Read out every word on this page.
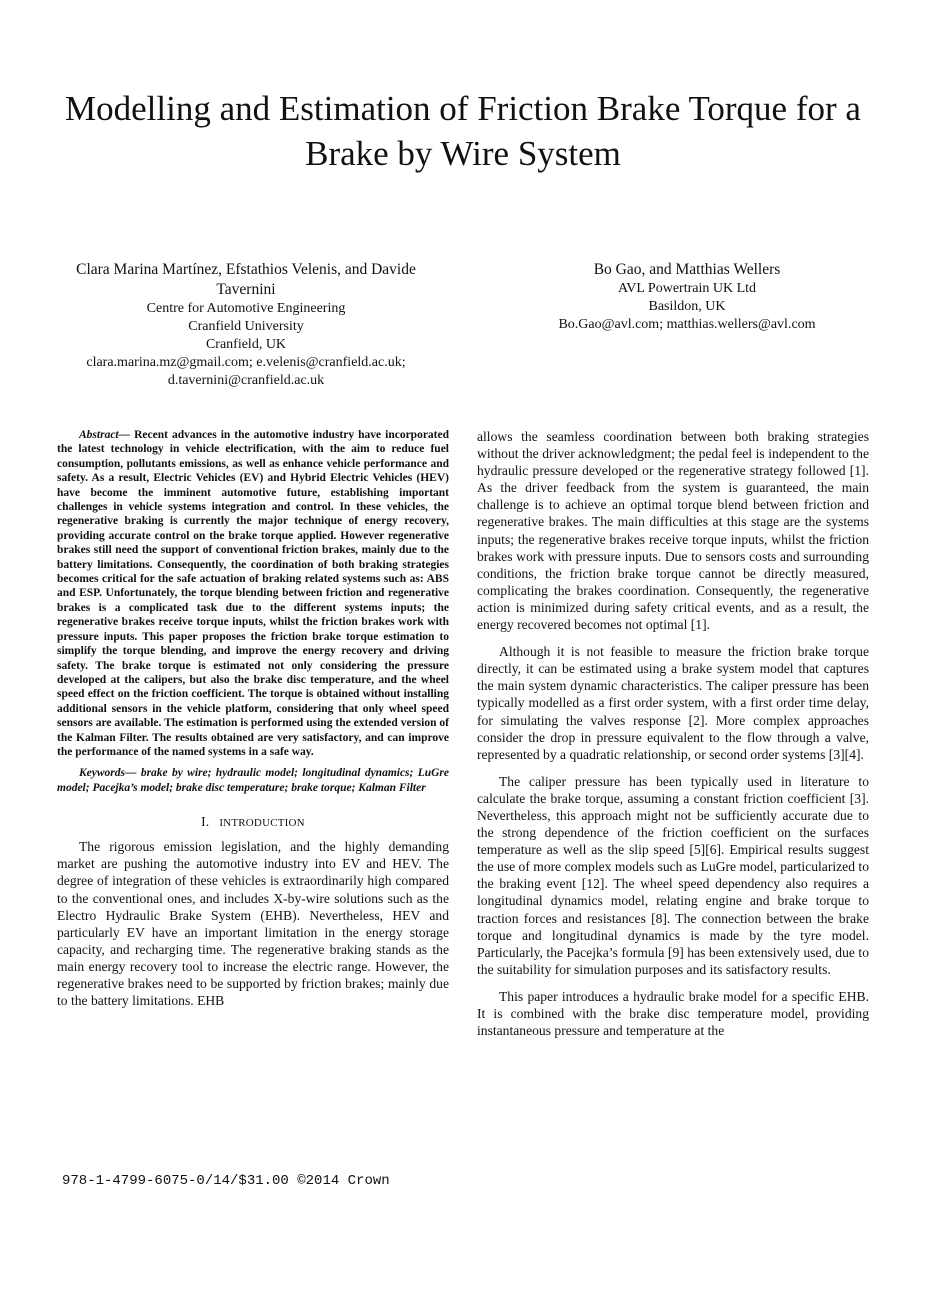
Modelling and Estimation of Friction Brake Torque for a Brake by Wire System
Clara Marina Martínez, Efstathios Velenis, and Davide Tavernini
Centre for Automotive Engineering
Cranfield University
Cranfield, UK
clara.marina.mz@gmail.com; e.velenis@cranfield.ac.uk;
d.tavernini@cranfield.ac.uk
Bo Gao, and Matthias Wellers
AVL Powertrain UK Ltd
Basildon, UK
Bo.Gao@avl.com; matthias.wellers@avl.com

Abstract— Recent advances in the automotive industry have incorporated the latest technology in vehicle electrification, with the aim to reduce fuel consumption, pollutants emissions, as well as enhance vehicle performance and safety. As a result, Electric Vehicles (EV) and Hybrid Electric Vehicles (HEV) have become the imminent automotive future, establishing important challenges in vehicle systems integration and control. In these vehicles, the regenerative braking is currently the major technique of energy recovery, providing accurate control on the brake torque applied. However regenerative brakes still need the support of conventional friction brakes, mainly due to the battery limitations. Consequently, the coordination of both braking strategies becomes critical for the safe actuation of braking related systems such as: ABS and ESP. Unfortunately, the torque blending between friction and regenerative brakes is a complicated task due to the different systems inputs; the regenerative brakes receive torque inputs, whilst the friction brakes work with pressure inputs. This paper proposes the friction brake torque estimation to simplify the torque blending, and improve the energy recovery and driving safety. The brake torque is estimated not only considering the pressure developed at the calipers, but also the brake disc temperature, and the wheel speed effect on the friction coefficient. The torque is obtained without installing additional sensors in the vehicle platform, considering that only wheel speed sensors are available. The estimation is performed using the extended version of the Kalman Filter. The results obtained are very satisfactory, and can improve the performance of the named systems in a safe way.

Keywords— brake by wire; hydraulic model; longitudinal dynamics; LuGre model; Pacejka’s model; brake disc temperature; brake torque; Kalman Filter

I. INTRODUCTION

The rigorous emission legislation, and the highly demanding market are pushing the automotive industry into EV and HEV. The degree of integration of these vehicles is extraordinarily high compared to the conventional ones, and includes X-by-wire solutions such as the Electro Hydraulic Brake System (EHB). Nevertheless, HEV and particularly EV have an important limitation in the energy storage capacity, and recharging time. The regenerative braking stands as the main energy recovery tool to increase the electric range. However, the regenerative brakes need to be supported by friction brakes; mainly due to the battery limitations. EHB

allows the seamless coordination between both braking strategies without the driver acknowledgment; the pedal feel is independent to the hydraulic pressure developed or the regenerative strategy followed [1]. As the driver feedback from the system is guaranteed, the main challenge is to achieve an optimal torque blend between friction and regenerative brakes. The main difficulties at this stage are the systems inputs; the regenerative brakes receive torque inputs, whilst the friction brakes work with pressure inputs. Due to sensors costs and surrounding conditions, the friction brake torque cannot be directly measured, complicating the brakes coordination. Consequently, the regenerative action is minimized during safety critical events, and as a result, the energy recovered becomes not optimal [1].

Although it is not feasible to measure the friction brake torque directly, it can be estimated using a brake system model that captures the main system dynamic characteristics. The caliper pressure has been typically modelled as a first order system, with a first order time delay, for simulating the valves response [2]. More complex approaches consider the drop in pressure equivalent to the flow through a valve, represented by a quadratic relationship, or second order systems [3][4].

The caliper pressure has been typically used in literature to calculate the brake torque, assuming a constant friction coefficient [3]. Nevertheless, this approach might not be sufficiently accurate due to the strong dependence of the friction coefficient on the surfaces temperature as well as the slip speed [5][6]. Empirical results suggest the use of more complex models such as LuGre model, particularized to the braking event [12]. The wheel speed dependency also requires a longitudinal dynamics model, relating engine and brake torque to traction forces and resistances [8]. The connection between the brake torque and longitudinal dynamics is made by the tyre model. Particularly, the Pacejka’s formula [9] has been extensively used, due to the suitability for simulation purposes and its satisfactory results.

This paper introduces a hydraulic brake model for a specific EHB. It is combined with the brake disc temperature model, providing instantaneous pressure and temperature at the

978-1-4799-6075-0/14/$31.00 ©2014 Crown
